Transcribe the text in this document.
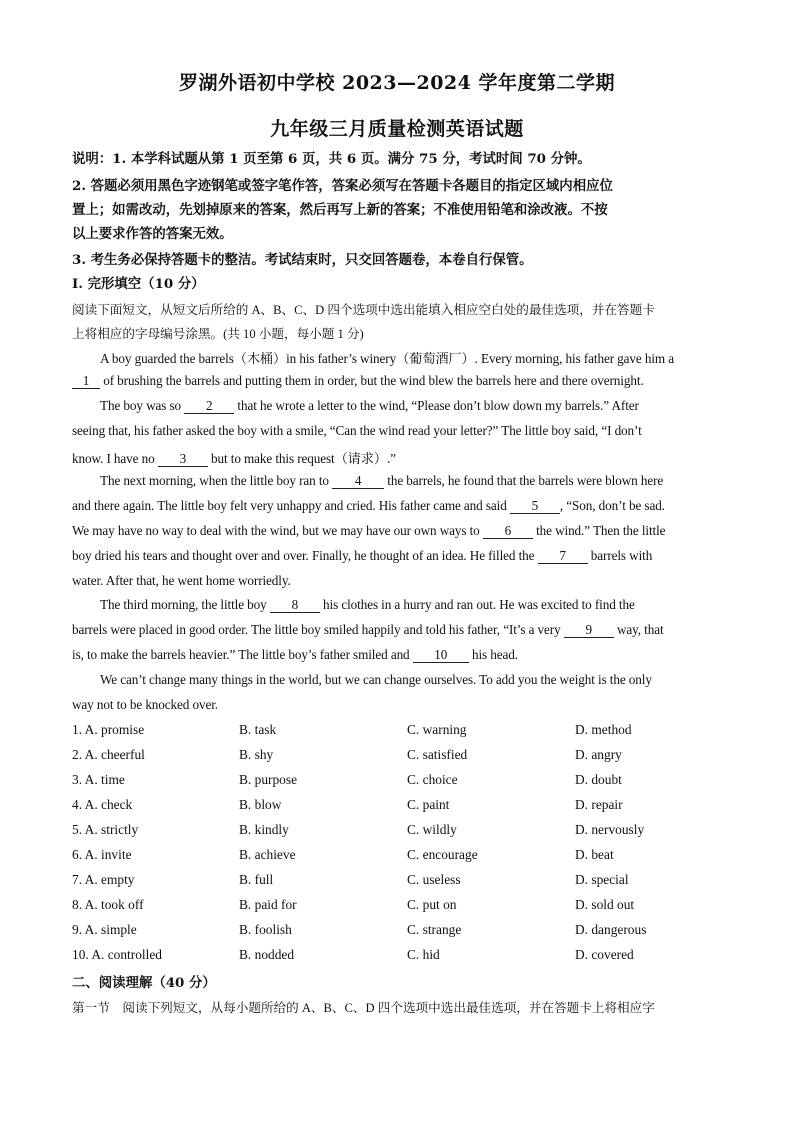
罗湖外语初中学校 2023—2024 学年度第二学期
九年级三月质量检测英语试题
说明：1. 本学科试题从第 1 页至第 6 页，共 6 页。满分 75 分，考试时间 70 分钟。
2. 答题必须用黑色字迹钢笔或签字笔作答，答案必须写在答题卡各题目的指定区域内相应位
置上；如需改动，先划掉原来的答案，然后再写上新的答案；不准使用铅笔和涂改液。不按
以上要求作答的答案无效。
3. 考生务必保持答题卡的整洁。考试结束时，只交回答题卷，本卷自行保管。
Ⅰ. 完形填空（10 分）
阅读下面短文，从短文后所给的 A、B、C、D 四个选项中选出能填入相应空白处的最佳选项，并在答题卡
上将相应的字母编号涂黑。(共 10 小题，每小题 1 分)
A boy guarded the barrels（木桶）in his father’s winery（葡萄酒厂）. Every morning, his father gave him a
1 of brushing the barrels and putting them in order, but the wind blew the barrels here and there overnight.
The boy was so 2 that he wrote a letter to the wind, “Please don’t blow down my barrels.” After
seeing that, his father asked the boy with a smile, “Can the wind read your letter?” The little boy said, “I don’t
know. I have no 3 but to make this request（请求）.”
The next morning, when the little boy ran to 4 the barrels, he found that the barrels were blown here
and there again. The little boy felt very unhappy and cried. His father came and said 5 , “Son, don’t be sad.
We may have no way to deal with the wind, but we may have our own ways to 6 the wind.” Then the little
boy dried his tears and thought over and over. Finally, he thought of an idea. He filled the 7 barrels with
water. After that, he went home worriedly.
The third morning, the little boy 8 his clothes in a hurry and ran out. He was excited to find the
barrels were placed in good order. The little boy smiled happily and told his father, “It’s a very 9 way, that
is, to make the barrels heavier.” The little boy’s father smiled and 10 his head.
We can’t change many things in the world, but we can change ourselves. To add you the weight is the only
way not to be knocked over.
1. A. promise	B. task	C. warning	D. method
2. A. cheerful	B. shy	C. satisfied	D. angry
3. A. time	B. purpose	C. choice	D. doubt
4. A. check	B. blow	C. paint	D. repair
5. A. strictly	B. kindly	C. wildly	D. nervously
6. A. invite	B. achieve	C. encourage	D. beat
7. A. empty	B. full	C. useless	D. special
8. A. took off	B. paid for	C. put on	D. sold out
9. A. simple	B. foolish	C. strange	D. dangerous
10. A. controlled	B. nodded	C. hid	D. covered
二、阅读理解（40 分）
第一节　阅读下列短文，从每小题所给的 A、B、C、D 四个选项中选出最佳选项，并在答题卡上将相应字
